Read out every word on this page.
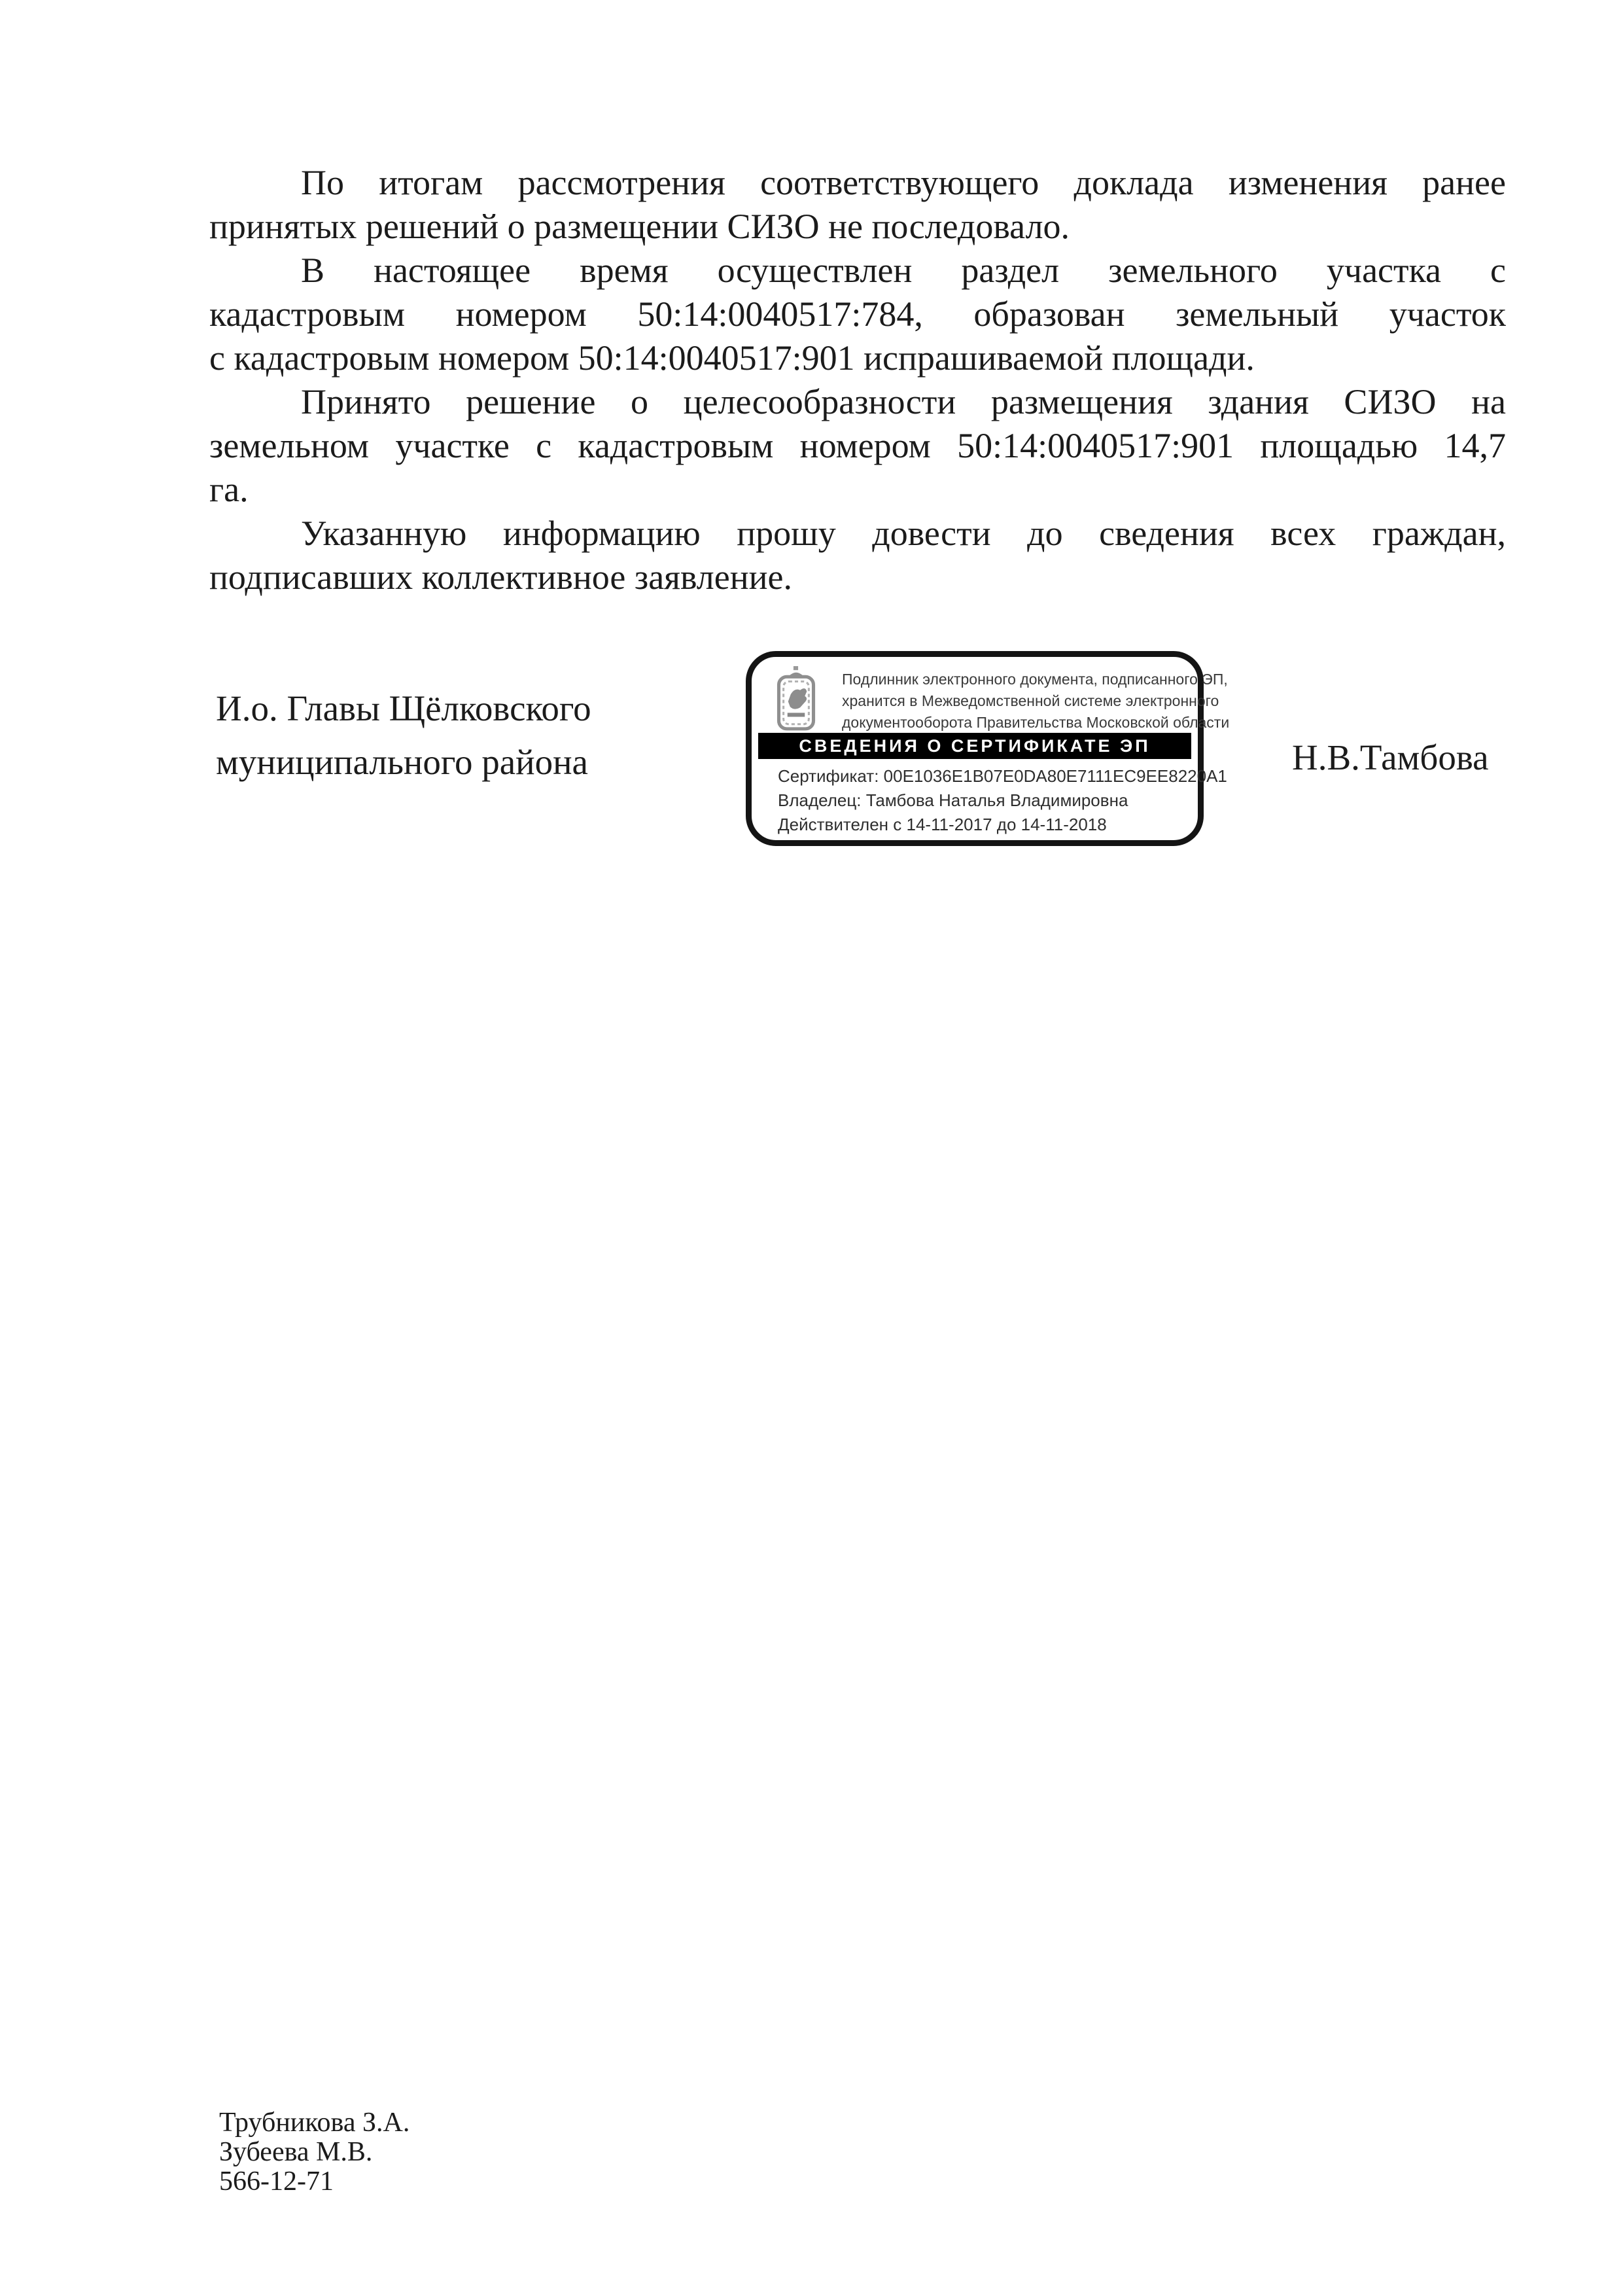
По итогам рассмотрения соответствующего доклада изменения ранее
принятых решений о размещении СИЗО не последовало.
В настоящее время осуществлен раздел земельного участка с
кадастровым номером 50:14:0040517:784, образован земельный участок
с кадастровым номером 50:14:0040517:901 испрашиваемой площади.
Принято решение о целесообразности размещения здания СИЗО на
земельном участке с кадастровым номером 50:14:0040517:901 площадью 14,7
га.
Указанную информацию прошу довести до сведения всех граждан,
подписавших коллективное заявление.
И.о. Главы Щёлковского
муниципального района	Н.В.Тамбова
Подлинник электронного документа, подписанного ЭП,
хранится в Межведомственной системе электронного
документооборота Правительства Московской области
СВЕДЕНИЯ О СЕРТИФИКАТЕ ЭП
Сертификат: 00E1036E1B07E0DA80E7111EC9EE8220A1
Владелец: Тамбова Наталья Владимировна
Действителен с 14-11-2017 до 14-11-2018
Трубникова З.А.
Зубеева М.В.
566-12-71
